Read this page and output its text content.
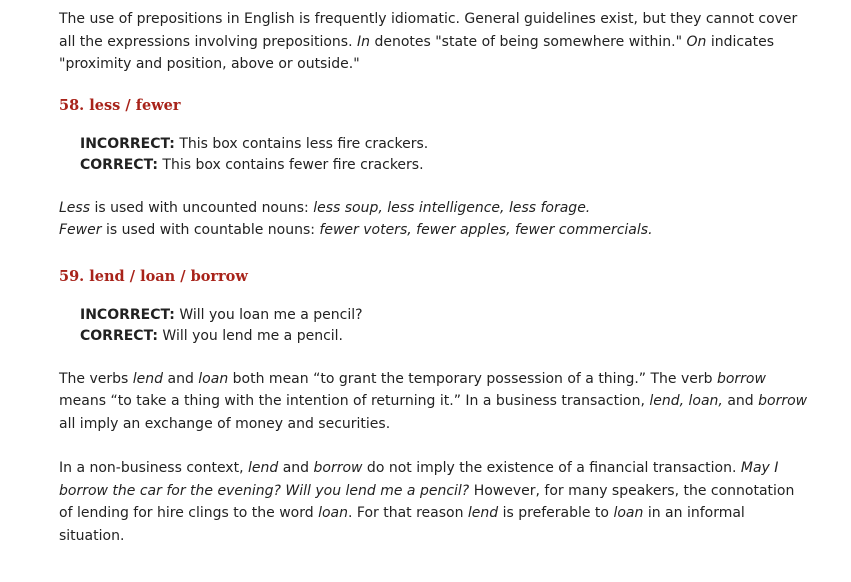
The use of prepositions in English is frequently idiomatic. General guidelines exist, but they cannot cover all the expressions involving prepositions. In denotes "state of being somewhere within." On indicates "proximity and position, above or outside."

58. less / fewer

INCORRECT: This box contains less fire crackers.

CORRECT: This box contains fewer fire crackers.

Less is used with uncounted nouns: less soup, less intelligence, less forage.

Fewer is used with countable nouns: fewer voters, fewer apples, fewer commercials.

59. lend / loan / borrow

INCORRECT: Will you loan me a pencil?

CORRECT: Will you lend me a pencil.

The verbs lend and loan both mean “to grant the temporary possession of a thing.” The verb borrow means “to take a thing with the intention of returning it.” In a business transaction, lend, loan, and borrow all imply an exchange of money and securities.

In a non-business context, lend and borrow do not imply the existence of a financial transaction. May I borrow the car for the evening? Will you lend me a pencil? However, for many speakers, the connotation of lending for hire clings to the word loan. For that reason lend is preferable to loan in an informal situation.
